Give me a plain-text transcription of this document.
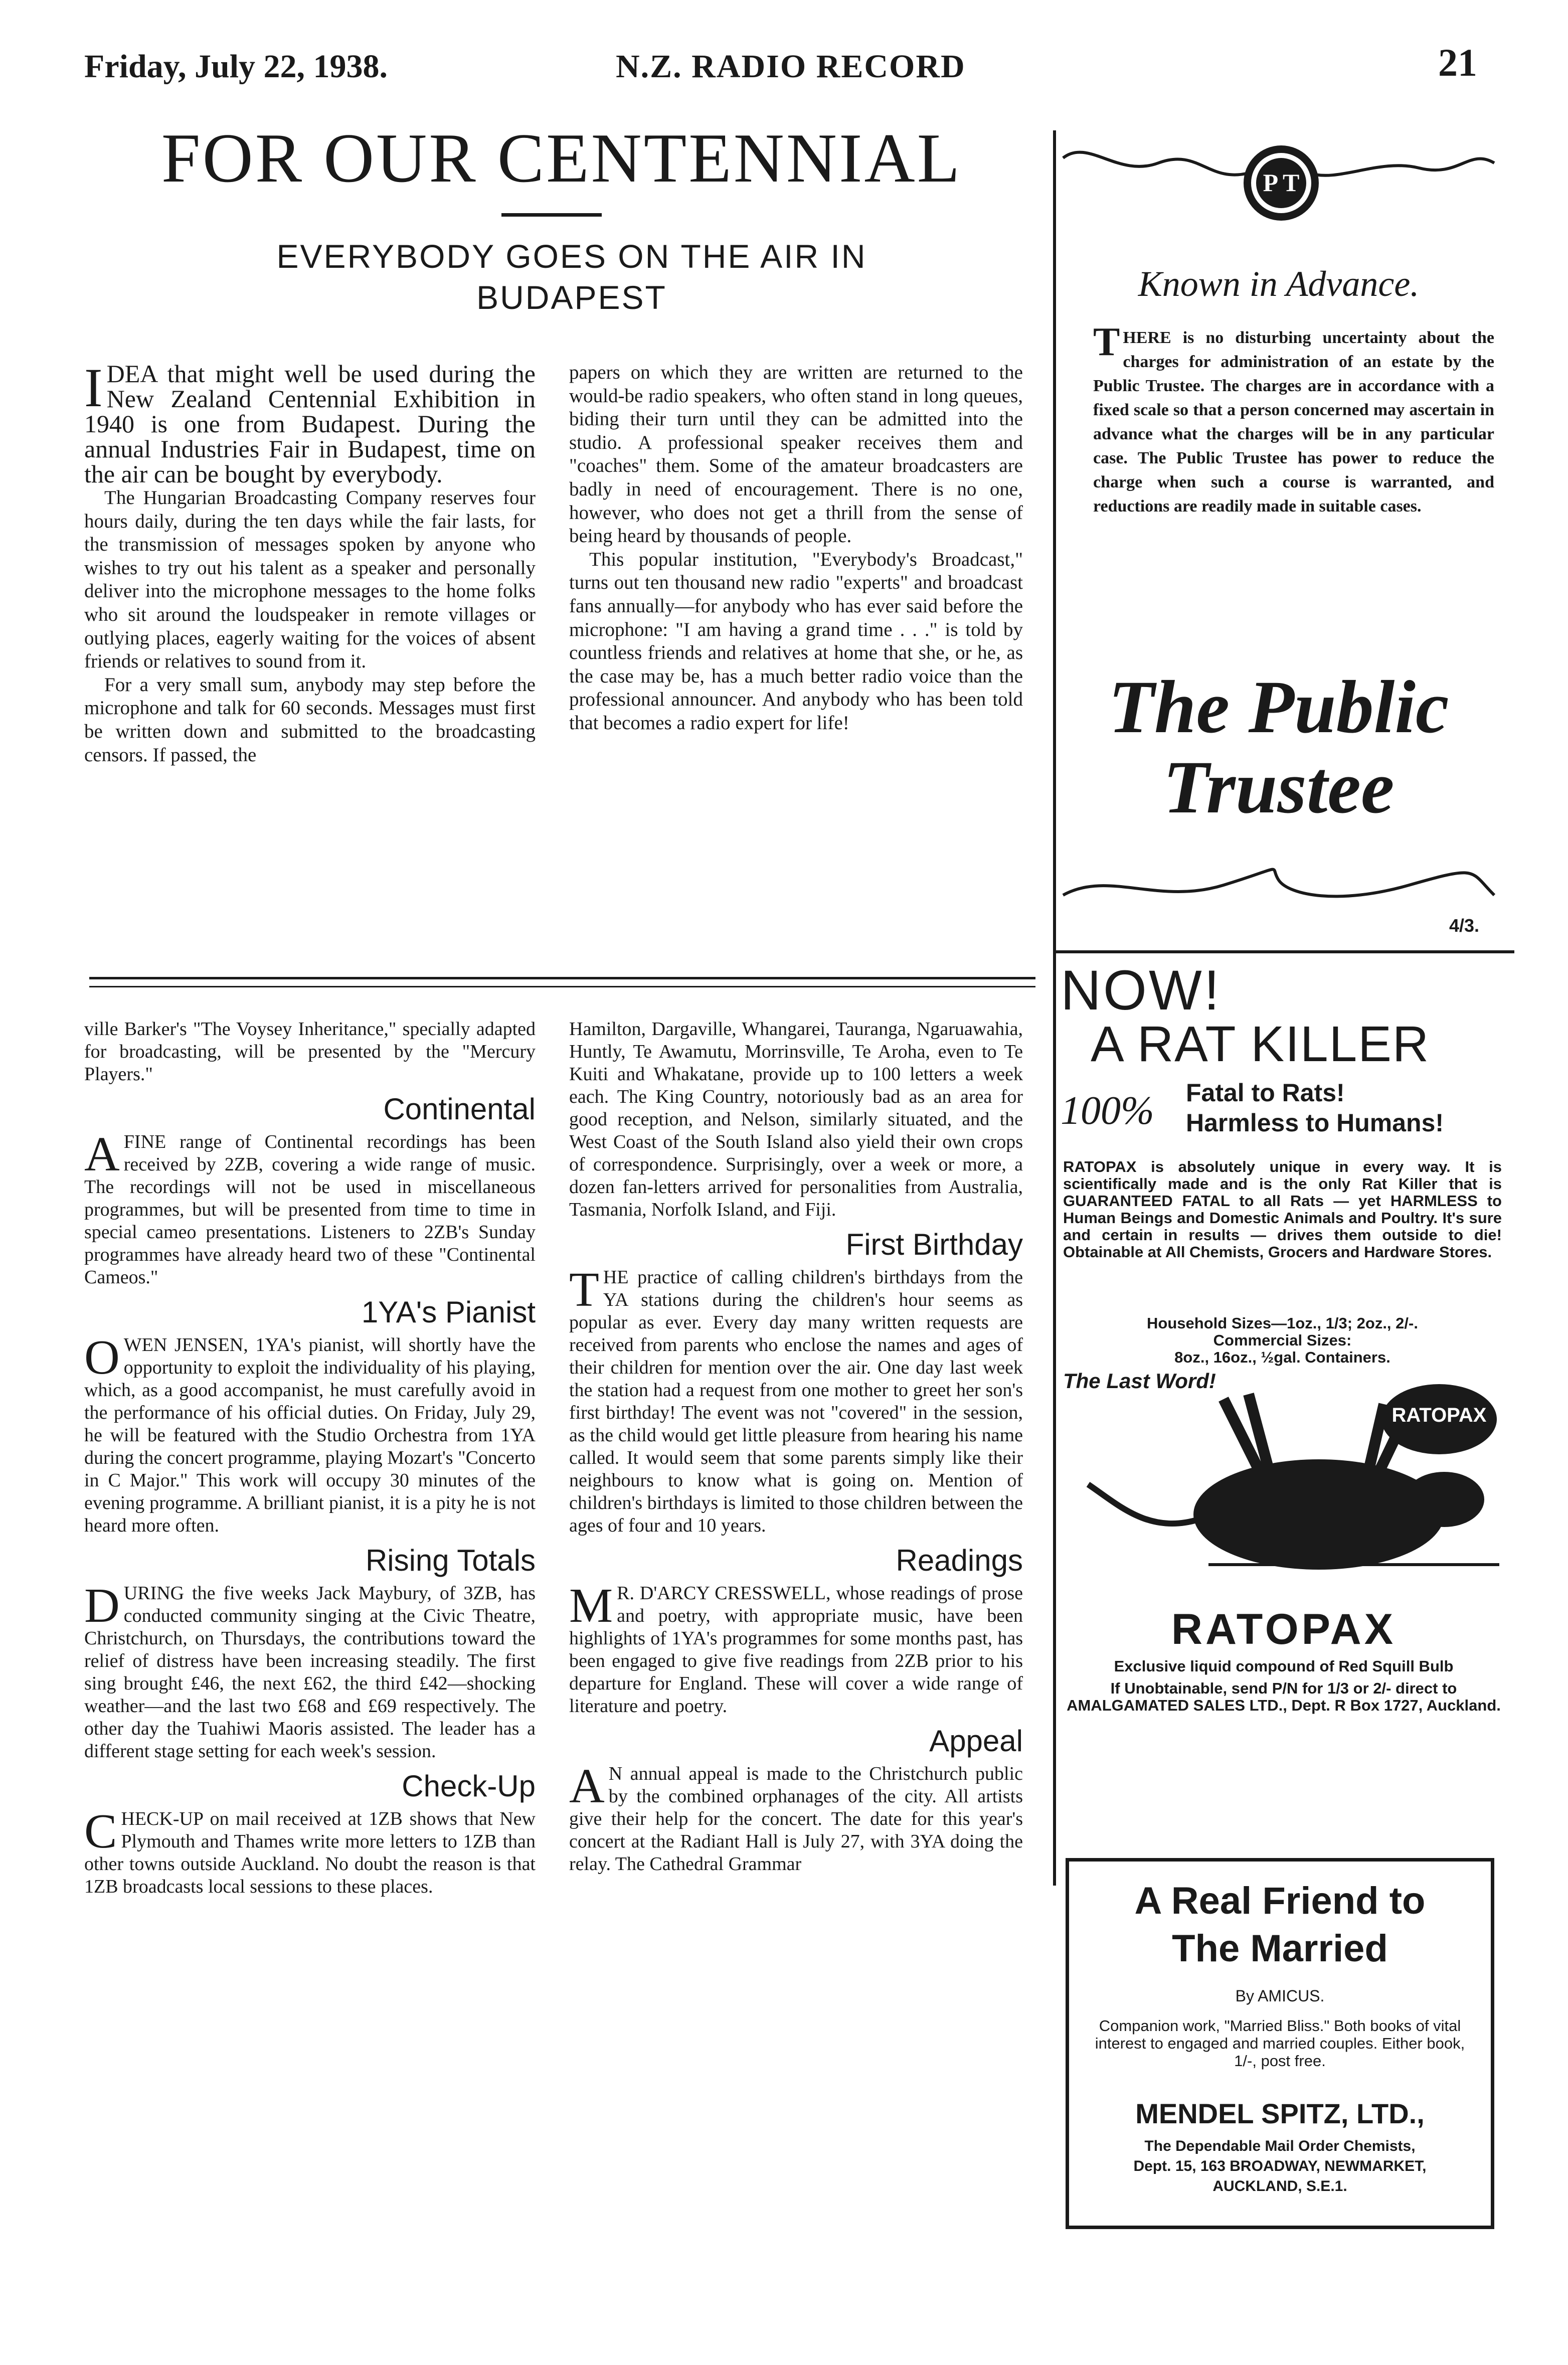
Friday, July 22, 1938.	N.Z. RADIO RECORD	21
FOR OUR CENTENNIAL
EVERYBODY GOES ON THE AIR IN BUDAPEST

IDEA that might well be used during the New Zealand Centennial Exhibition in 1940 is one from Budapest. During the annual Industries Fair in Budapest, time on the air can be bought by everybody.

The Hungarian Broadcasting Company reserves four hours daily, during the ten days while the fair lasts, for the transmission of messages spoken by anyone who wishes to try out his talent as a speaker and personally deliver into the microphone messages to the home folks who sit around the loudspeaker in remote villages or outlying places, eagerly waiting for the voices of absent friends or relatives to sound from it.

For a very small sum, anybody may step before the microphone and talk for 60 seconds. Messages must first be written down and submitted to the broadcasting censors. If passed, the

papers on which they are written are returned to the would-be radio speakers, who often stand in long queues, biding their turn until they can be admitted into the studio. A professional speaker receives them and "coaches" them. Some of the amateur broadcasters are badly in need of encouragement. There is no one, however, who does not get a thrill from the sense of being heard by thousands of people.

This popular institution, "Everybody's Broadcast," turns out ten thousand new radio "experts" and broadcast fans annually—for anybody who has ever said before the microphone: "I am having a grand time . . ." is told by countless friends and relatives at home that she, or he, as the case may be, has a much better radio voice than the professional announcer. And anybody who has been told that becomes a radio expert for life!

ville Barker's "The Voysey Inheritance," specially adapted for broadcasting, will be presented by the "Mercury Players."

Continental

AFINE range of Continental recordings has been received by 2ZB, covering a wide range of music. The recordings will not be used in miscellaneous programmes, but will be presented from time to time in special cameo presentations. Listeners to 2ZB's Sunday programmes have already heard two of these "Continental Cameos."

1YA's Pianist

OWEN JENSEN, 1YA's pianist, will shortly have the opportunity to exploit the individuality of his playing, which, as a good accompanist, he must carefully avoid in the performance of his official duties. On Friday, July 29, he will be featured with the Studio Orchestra from 1YA during the concert programme, playing Mozart's "Concerto in C Major." This work will occupy 30 minutes of the evening programme. A brilliant pianist, it is a pity he is not heard more often.

Rising Totals

DURING the five weeks Jack Maybury, of 3ZB, has conducted community singing at the Civic Theatre, Christchurch, on Thursdays, the contributions toward the relief of distress have been increasing steadily. The first sing brought £46, the next £62, the third £42—shocking weather—and the last two £68 and £69 respectively. The other day the Tuahiwi Maoris assisted. The leader has a different stage setting for each week's session.

Check-Up

CHECK-UP on mail received at 1ZB shows that New Plymouth and Thames write more letters to 1ZB than other towns outside Auckland. No doubt the reason is that 1ZB broadcasts local sessions to these places.

Hamilton, Dargaville, Whangarei, Tauranga, Ngaruawahia, Huntly, Te Awamutu, Morrinsville, Te Aroha, even to Te Kuiti and Whakatane, provide up to 100 letters a week each. The King Country, notoriously bad as an area for good reception, and Nelson, similarly situated, and the West Coast of the South Island also yield their own crops of correspondence. Surprisingly, over a week or more, a dozen fan-letters arrived for personalities from Australia, Tasmania, Norfolk Island, and Fiji.

First Birthday

THE practice of calling children's birthdays from the YA stations during the children's hour seems as popular as ever. Every day many written requests are received from parents who enclose the names and ages of their children for mention over the air. One day last week the station had a request from one mother to greet her son's first birthday! The event was not "covered" in the session, as the child would get little pleasure from hearing his name called. It would seem that some parents simply like their neighbours to know what is going on. Mention of children's birthdays is limited to those children between the ages of four and 10 years.

Readings

M R. D'ARCY CRESSWELL, whose readings of prose and poetry, with appropriate music, have been highlights of 1YA's programmes for some months past, has been engaged to give five readings from 2ZB prior to his departure for England. These will cover a wide range of literature and poetry.

Appeal

A N annual appeal is made to the Christchurch public by the combined orphanages of the city. All artists give their help for the concert. The date for this year's concert at the Radiant Hall is July 27, with 3YA doing the relay. The Cathedral Grammar

P T
Known in Advance.
THERE is no disturbing uncertainty about the charges for administration of an estate by the Public Trustee. The charges are in accordance with a fixed scale so that a person concerned may ascertain in advance what the charges will be in any particular case. The Public Trustee has power to reduce the charge when such a course is warranted, and reductions are readily made in suitable cases.
The Public
Trustee
4/3.
NOW!
A RAT KILLER
100% Fatal to Rats!
Harmless to Humans!
RATOPAX is absolutely unique in every way. It is scientifically made and is the only Rat Killer that is GUARANTEED FATAL to all Rats — yet HARMLESS to Human Beings and Domestic Animals and Poultry. It's sure and certain in results — drives them outside to die! Obtainable at All Chemists, Grocers and Hardware Stores.
Household Sizes—1oz., 1/3; 2oz., 2/-.
Commercial Sizes:
8oz., 16oz., ½gal. Containers.
The Last Word!
RATOPAX
RATOPAX
Exclusive liquid compound of Red Squill Bulb
If Unobtainable, send P/N for 1/3 or 2/- direct to AMALGAMATED SALES LTD., Dept. R Box 1727, Auckland.
A Real Friend to
The Married
By AMICUS.
Companion work, "Married Bliss." Both books of vital interest to engaged and married couples. Either book, 1/-, post free.
MENDEL SPITZ, LTD.,
The Dependable Mail Order Chemists,
Dept. 15, 163 BROADWAY, NEWMARKET,
AUCKLAND, S.E.1.
